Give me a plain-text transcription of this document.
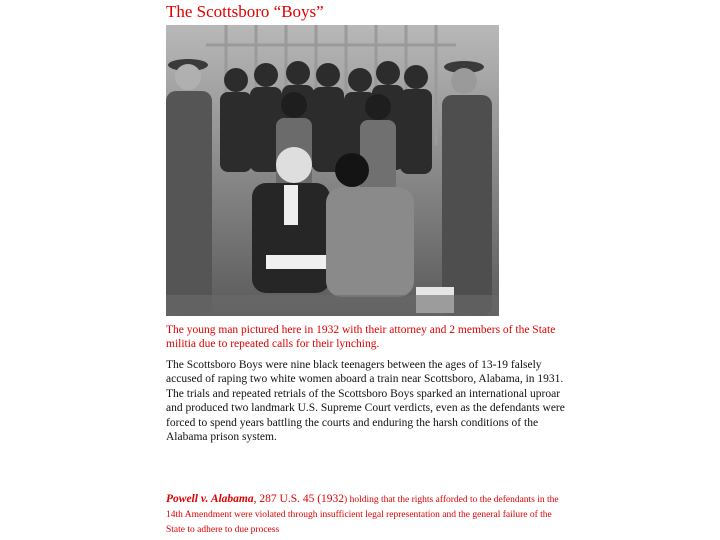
The Scottsboro “Boys”

The young man pictured here in 1932 with their attorney and 2 members of the State militia due to repeated calls for their lynching.

The Scottsboro Boys were nine black teenagers between the ages of 13-19 falsely accused of raping two white women aboard a train near Scottsboro, Alabama, in 1931. The trials and repeated retrials of the Scottsboro Boys sparked an international uproar and produced two landmark U.S. Supreme Court verdicts, even as the defendants were forced to spend years battling the courts and enduring the harsh conditions of the Alabama prison system.

Powell v. Alabama, 287 U.S. 45 (1932) holding that the rights afforded to the defendants in the 14th Amendment were violated through insufficient legal representation and the general failure of the State to adhere to due process
